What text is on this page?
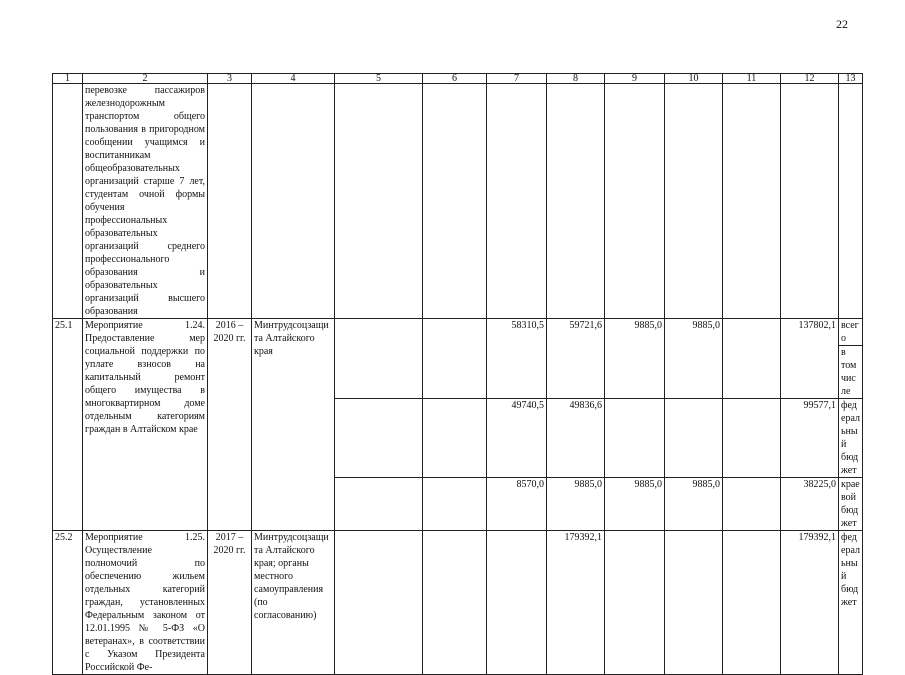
22
1	2	3	4	5	6	7	8	9	10	11	12	13
	перевозке пассажиров железнодорожным транспортом общего пользования в пригородном сообщении учащимся и воспитанникам общеобразовательных организаций старше 7 лет, студентам очной формы обучения профессиональных образовательных организаций среднего профессионального образования и образовательных организаций высшего образования											
25.1	Мероприятие 1.24. Предоставление мер социальной поддержки по уплате взносов на капитальный ремонт общего имущества в многоквартирном доме отдельным категориям граждан в Алтайском крае	2016 – 2020 гг.	Минтрудсоцзащита Алтайского края			58310,5	59721,6	9885,0	9885,0		137802,1	всего
												в том числе
						49740,5	49836,6				99577,1	федеральный бюджет
						8570,0	9885,0	9885,0	9885,0		38225,0	краевой бюджет
25.2	Мероприятие 1.25. Осуществление полномочий по обеспечению жильем отдельных категорий граждан, установленных Федеральным законом от 12.01.1995 № 5-ФЗ «О ветеранах», в соответствии с Указом Президента Российской Фе-	2017 – 2020 гг.	Минтрудсоцзащита Алтайского края; органы местного самоуправления (по согласованию)				179392,1				179392,1	федеральный бюджет
